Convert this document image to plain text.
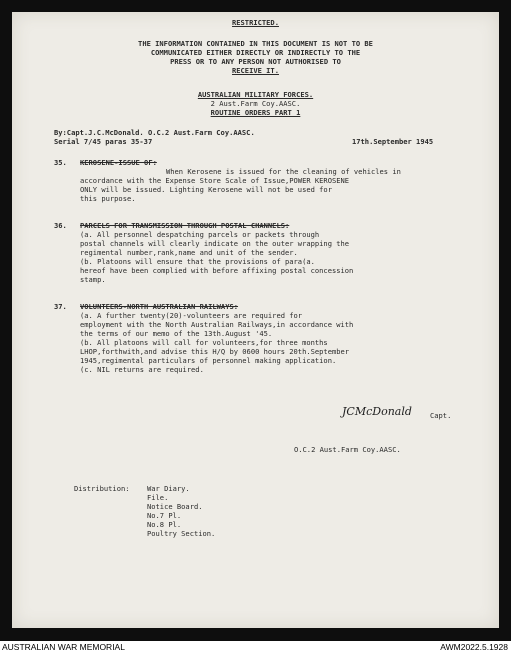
RESTRICTED.
THE INFORMATION CONTAINED IN THIS DOCUMENT IS NOT TO BE
COMMUNICATED EITHER DIRECTLY OR INDIRECTLY TO THE
PRESS OR TO ANY PERSON NOT AUTHORISED TO
RECEIVE IT.
AUSTRALIAN MILITARY FORCES.
2 Aust.Farm Coy.AASC.
ROUTINE ORDERS PART 1
By:Capt.J.C.McDonald. O.C.2 Aust.Farm Coy.AASC.
Serial 7/45 paras 35-37	17th.September 1945
35. KEROSENE-ISSUE OF:
When Kerosene is issued for the cleaning of vehicles in
accordance with the Expense Store Scale of Issue,POWER KEROSENE
ONLY will be issued. Lighting Kerosene will not be used for
this purpose.
36. PARCELS FOR TRANSMISSION THROUGH POSTAL CHANNELS:
(a. All personnel despatching parcels or packets through
postal channels will clearly indicate on the outer wrapping the
regimental number,rank,name and unit of the sender.
(b. Platoons will ensure that the provisions of para(a.
hereof have been complied with before affixing postal concession
stamp.
37. VOLUNTEERS-NORTH AUSTRALIAN RAILWAYS:
(a. A further twenty(20)-volunteers are required for
employment with the North Australian Railways,in accordance with
the terms of our memo of the 13th.August '45.
(b. All platoons will call for volunteers,for three months
LHOP,forthwith,and advise this H/Q by 0600 hours 20th.September
1945,regimental particulars of personnel making application.
(c. NIL returns are required.
JCMcDonald	Capt.
O.C.2 Aust.Farm Coy.AASC.
Distribution: War Diary.
File.
Notice Board.
No.7 Pl.
No.8 Pl.
Poultry Section.
AUSTRALIAN WAR MEMORIAL	AWM2022.5.1928
